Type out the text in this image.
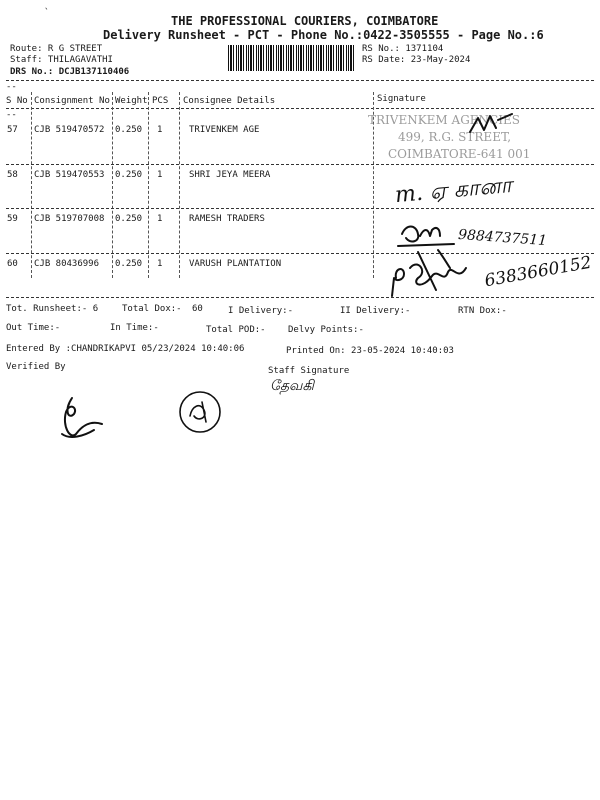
`
THE PROFESSIONAL COURIERS, COIMBATORE
Delivery Runsheet - PCT - Phone No.:0422-3505555 - Page No.:6
Route: R G STREET
Staff: THILAGAVATHI
DRS No.: DCJB137110406
RS No.: 1371104
RS Date: 23-May-2024
--
S No Consignment No Weight PCS Consignee Details	Signature
--
57 CJB 519470572 0.250 1	TRIVENKEM AGE
58 CJB 519470553 0.250 1	SHRI JEYA MEERA
59 CJB 519707008 0.250 1	RAMESH TRADERS
60 CJB 80436996 0.250 1	VARUSH PLANTATION
TRIVENKEM AGENCIES
499, R.G. STREET,
COIMBATORE-641 001
m. ஏ கானா
9884737511
6383660152
Tot. Runsheet:- 6	Total Dox:- 60	I Delivery:-	II Delivery:-	RTN Dox:-
Out Time:-	In Time:-	Total POD:- Delvy Points:-
Entered By :CHANDRIKAPVI 05/23/2024 10:40:06	Printed On: 23-05-2024 10:40:03
Verified By	Staff Signature
தேவகி
